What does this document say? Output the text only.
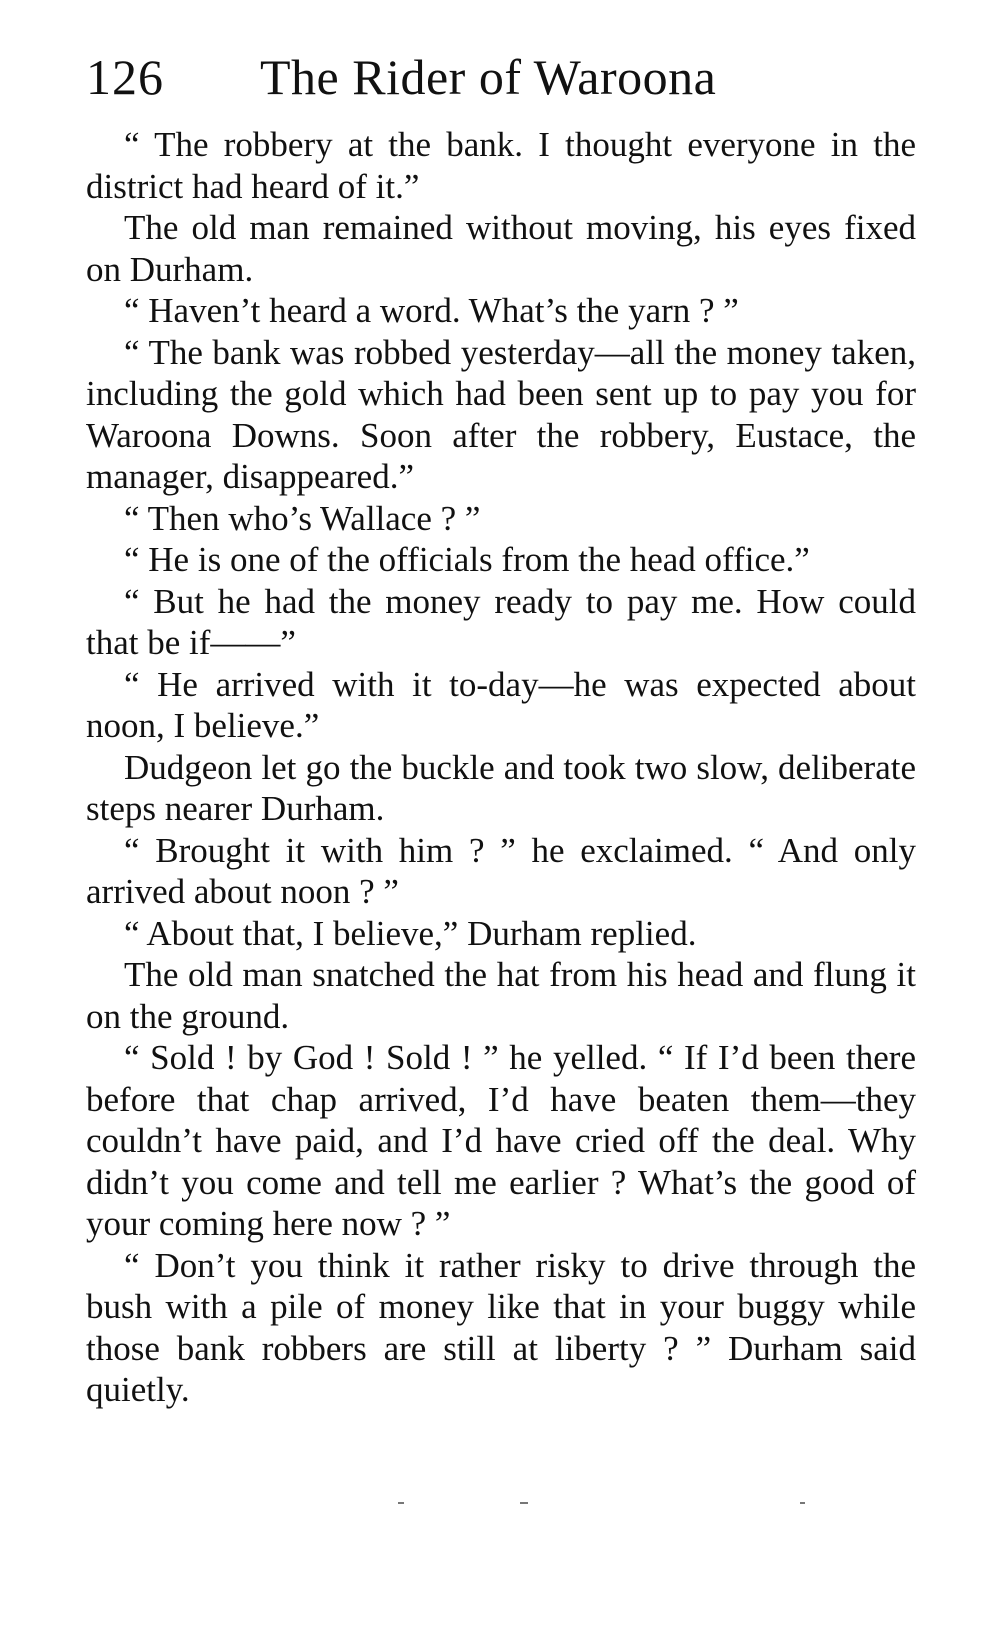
126	The Rider of Waroona

“ The robbery at the bank. I thought everyone in the district had heard of it.”

The old man remained without moving, his eyes fixed on Durham.

“ Haven’t heard a word. What’s the yarn ? ”

“ The bank was robbed yesterday—all the money taken, including the gold which had been sent up to pay you for Waroona Downs. Soon after the robbery, Eustace, the manager, disappeared.”

“ Then who’s Wallace ? ”

“ He is one of the officials from the head office.”

“ But he had the money ready to pay me. How could that be if——”

“ He arrived with it to-day—he was expected about noon, I believe.”

Dudgeon let go the buckle and took two slow, deliberate steps nearer Durham.

“ Brought it with him ? ” he exclaimed. “ And only arrived about noon ? ”

“ About that, I believe,” Durham replied.

The old man snatched the hat from his head and flung it on the ground.

“ Sold ! by God ! Sold ! ” he yelled. “ If I’d been there before that chap arrived, I’d have beaten them—they couldn’t have paid, and I’d have cried off the deal. Why didn’t you come and tell me earlier ? What’s the good of your coming here now ? ”

“ Don’t you think it rather risky to drive through the bush with a pile of money like that in your buggy while those bank robbers are still at liberty ? ” Durham said quietly.
